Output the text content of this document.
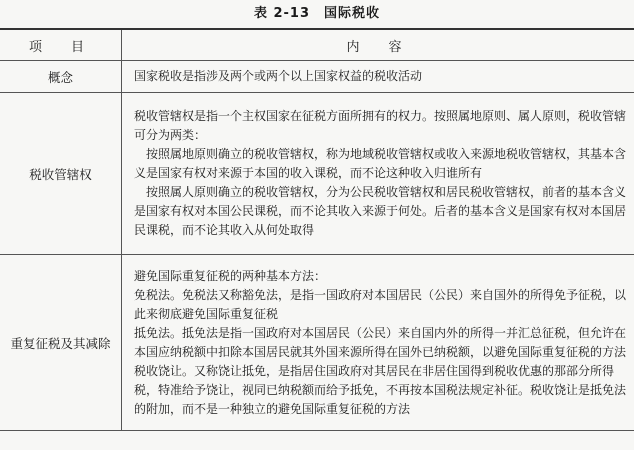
表 2-13　国际税收
项　目	内　容
概念	国家税收是指涉及两个或两个以上国家权益的税收活动

税收管辖权	税收管辖权是指一个主权国家在征税方面所拥有的权力。按照属地原则、属人原则，税收管辖可分为两类：

按照属地原则确立的税收管辖权，称为地域税收管辖权或收入来源地税收管辖权，其基本含义是国家有权对来源于本国的收入课税，而不论这种收入归谁所有

按照属人原则确立的税收管辖权，分为公民税收管辖权和居民税收管辖权，前者的基本含义是国家有权对本国公民课税，而不论其收入来源于何处。后者的基本含义是国家有权对本国居民课税，而不论其收入从何处取得

重复征税及其减除	避免国际重复征税的两种基本方法：

免税法。免税法又称豁免法，是指一国政府对本国居民（公民）来自国外的所得免予征税，以此来彻底避免国际重复征税

抵免法。抵免法是指一国政府对本国居民（公民）来自国内外的所得一并汇总征税，但允许在本国应纳税额中扣除本国居民就其外国来源所得在国外已纳税额，以避免国际重复征税的方法

税收饶让。又称饶让抵免，是指居住国政府对其居民在非居住国得到税收优惠的那部分所得税，特准给予饶让，视同已纳税额而给予抵免，不再按本国税法规定补征。税收饶让是抵免法的附加，而不是一种独立的避免国际重复征税的方法
